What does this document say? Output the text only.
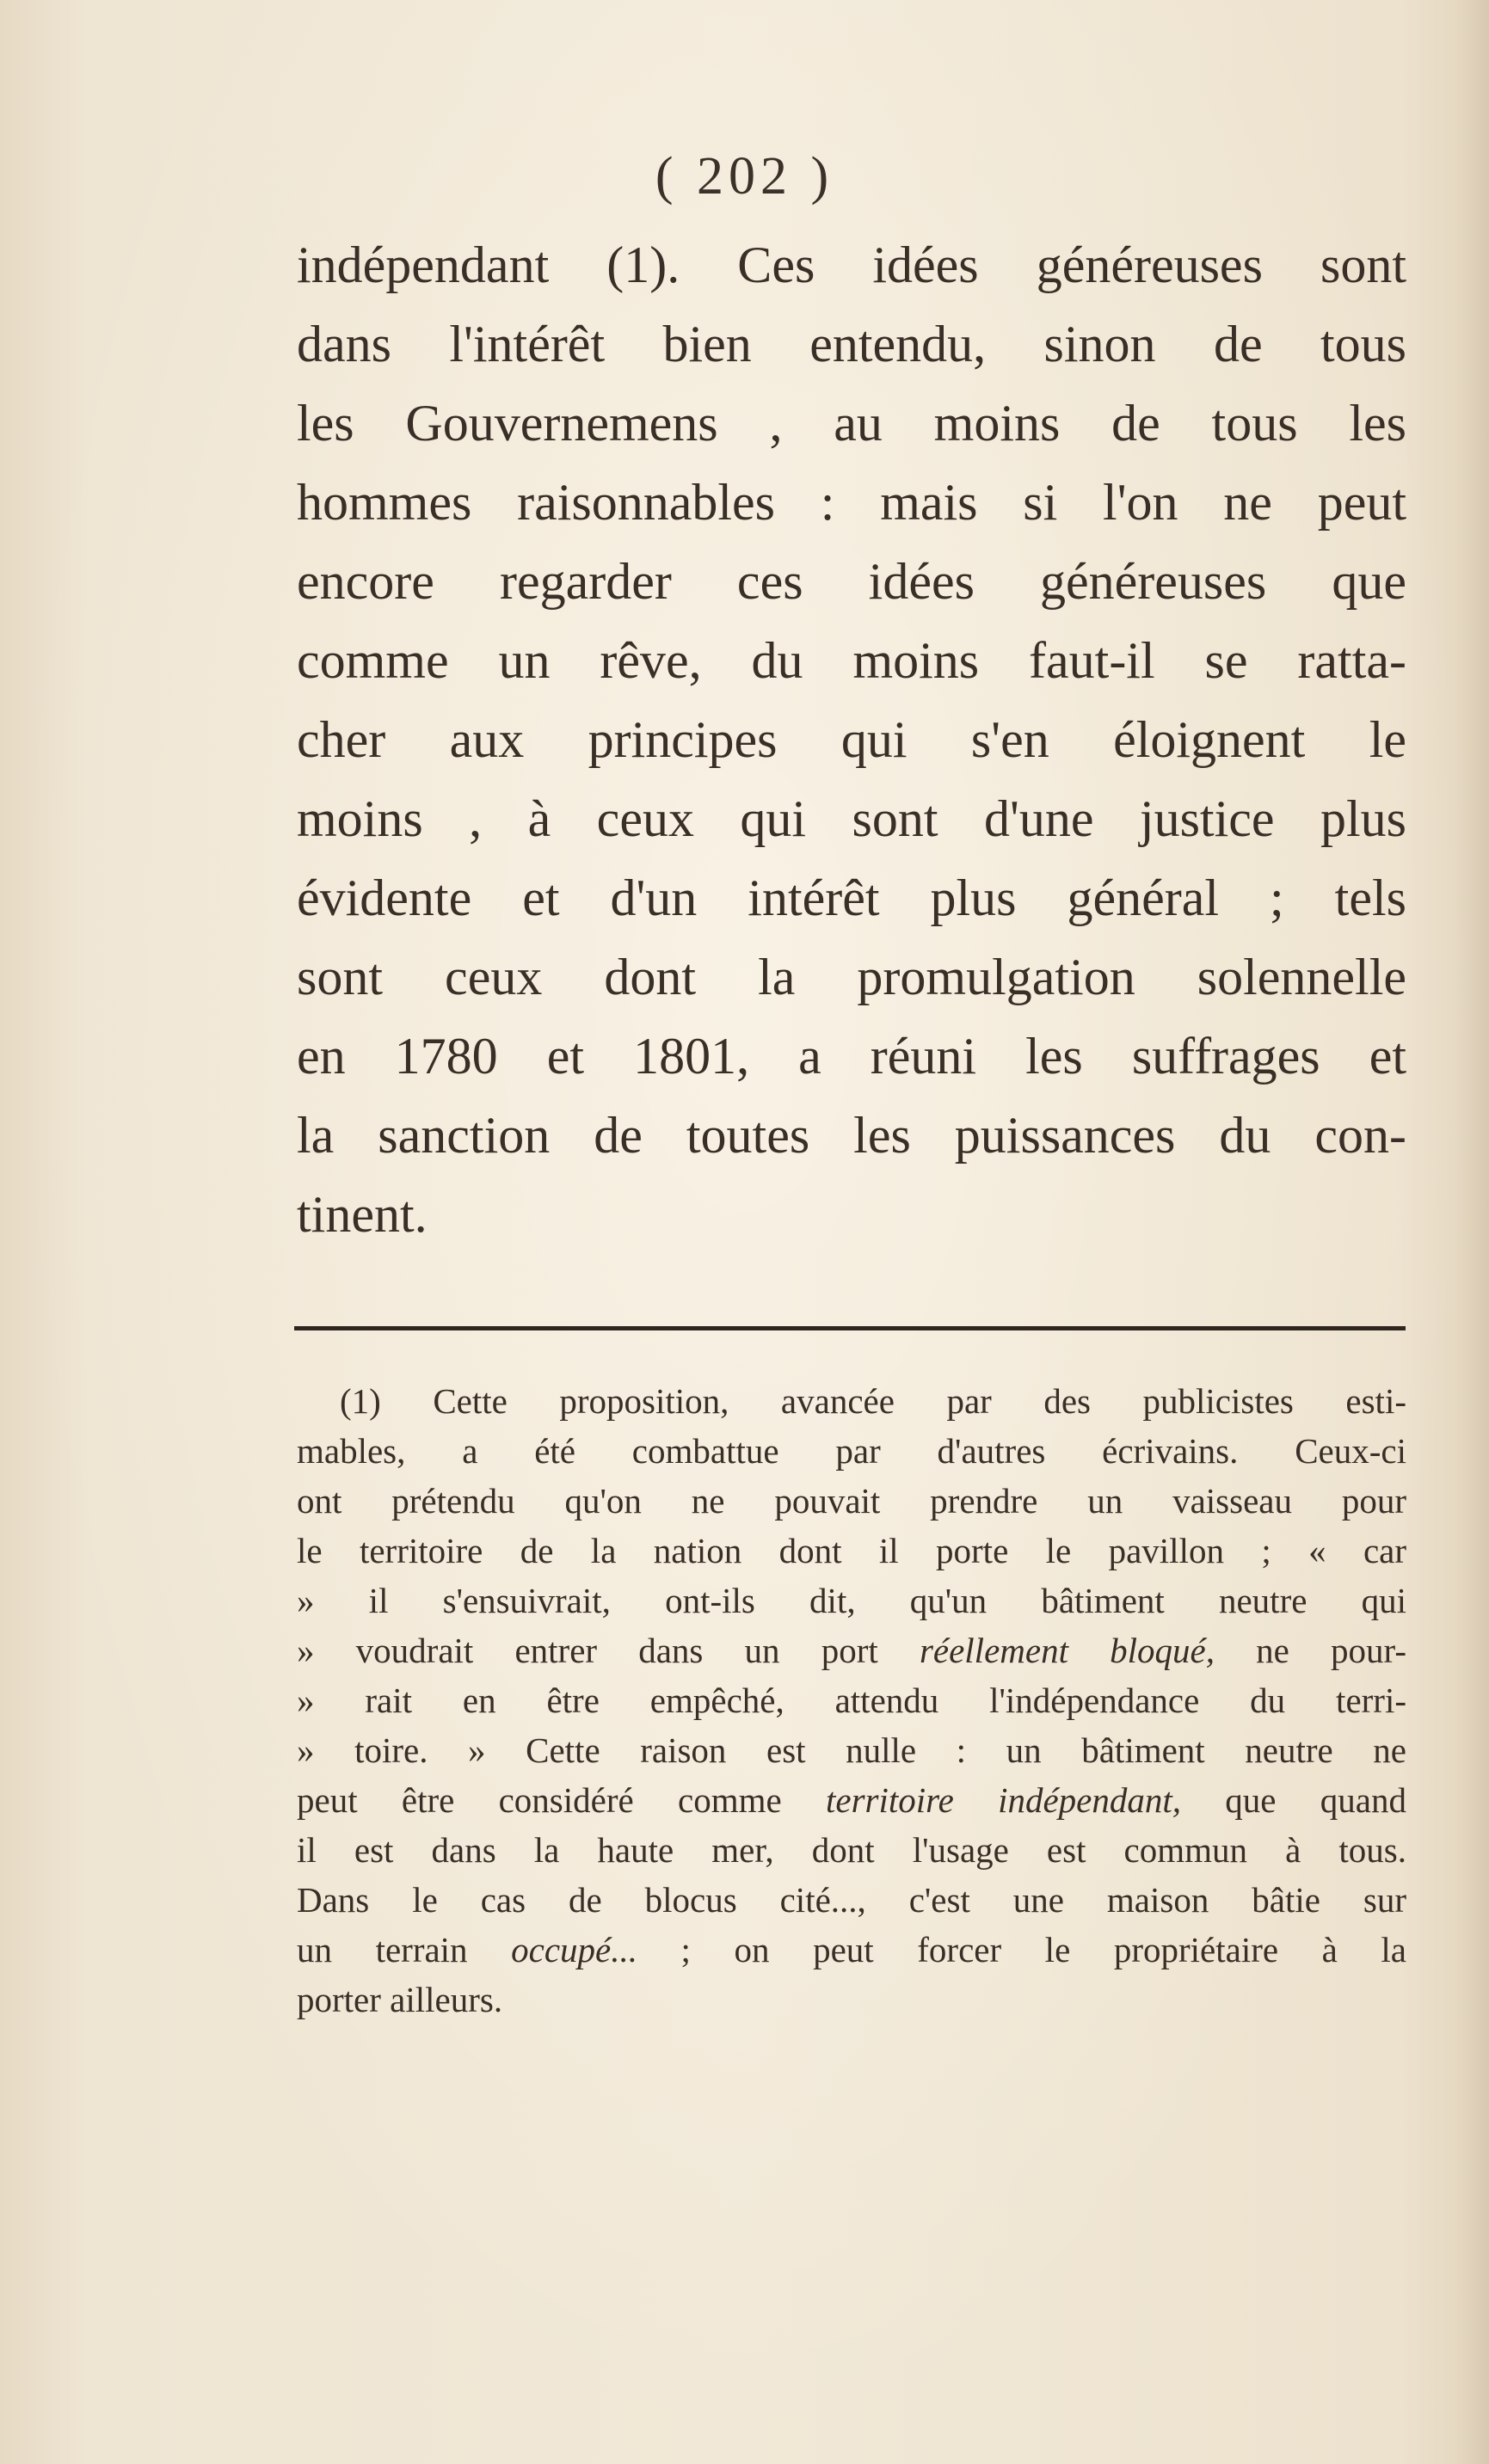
( 202 )
indépendant (1). Ces idées généreuses sont
dans l'intérêt bien entendu, sinon de tous
les Gouvernemens , au moins de tous les
hommes raisonnables : mais si l'on ne peut
encore regarder ces idées généreuses que
comme un rêve, du moins faut-il se ratta-
cher aux principes qui s'en éloignent le
moins , à ceux qui sont d'une justice plus
évidente et d'un intérêt plus général ; tels
sont ceux dont la promulgation solennelle
en 1780 et 1801, a réuni les suffrages et
la sanction de toutes les puissances du con-
tinent.
(1) Cette proposition, avancée par des publicistes esti-
mables, a été combattue par d'autres écrivains. Ceux-ci
ont prétendu qu'on ne pouvait prendre un vaisseau pour
le territoire de la nation dont il porte le pavillon ; « car
» il s'ensuivrait, ont-ils dit, qu'un bâtiment neutre qui
» voudrait entrer dans un port réellement bloqué, ne pour-
» rait en être empêché, attendu l'indépendance du terri-
» toire. » Cette raison est nulle : un bâtiment neutre ne
peut être considéré comme territoire indépendant, que quand
il est dans la haute mer, dont l'usage est commun à tous.
Dans le cas de blocus cité..., c'est une maison bâtie sur
un terrain occupé... ; on peut forcer le propriétaire à la
porter ailleurs.
